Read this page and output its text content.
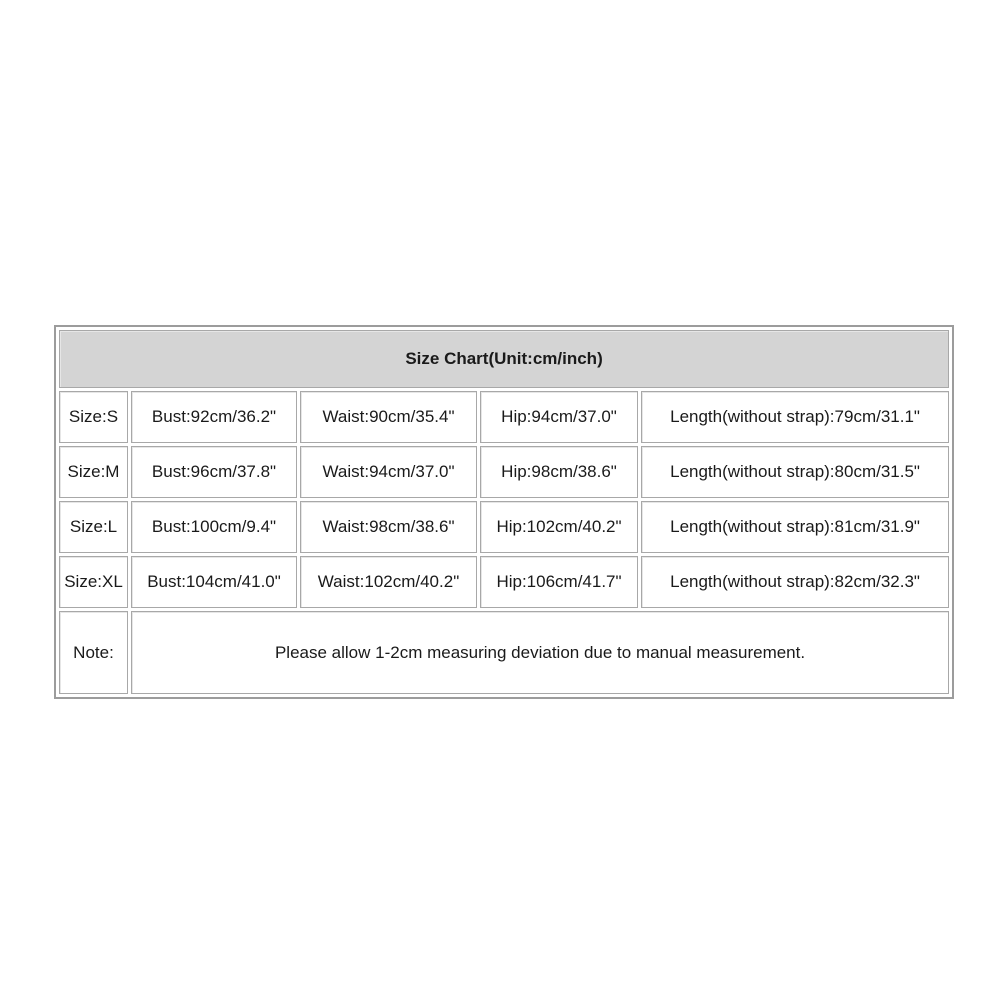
Size Chart(Unit:cm/inch)				
Size:S	Bust:92cm/36.2"	Waist:90cm/35.4"	Hip:94cm/37.0"	Length(without strap):79cm/31.1"
Size:M	Bust:96cm/37.8"	Waist:94cm/37.0"	Hip:98cm/38.6"	Length(without strap):80cm/31.5"
Size:L	Bust:100cm/9.4"	Waist:98cm/38.6"	Hip:102cm/40.2"	Length(without strap):81cm/31.9"
Size:XL	Bust:104cm/41.0"	Waist:102cm/40.2"	Hip:106cm/41.7"	Length(without strap):82cm/32.3"
Note:	Please allow 1-2cm measuring deviation due to manual measurement.			
